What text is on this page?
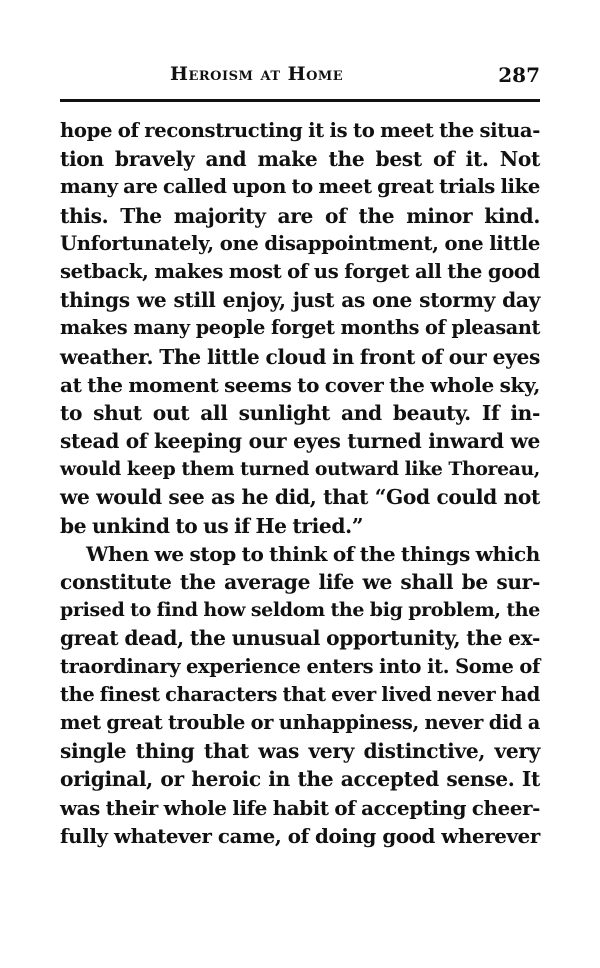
Heroism at Home	287
hope of reconstructing it is to meet the situa-
tion bravely and make the best of it. Not
many are called upon to meet great trials like
this. The majority are of the minor kind.
Unfortunately, one disappointment, one little
setback, makes most of us forget all the good
things we still enjoy, just as one stormy day
makes many people forget months of pleasant
weather. The little cloud in front of our eyes
at the moment seems to cover the whole sky,
to shut out all sunlight and beauty. If in-
stead of keeping our eyes turned inward we
would keep them turned outward like Thoreau,
we would see as he did, that “God could not
be unkind to us if He tried.”
When we stop to think of the things which
constitute the average life we shall be sur-
prised to find how seldom the big problem, the
great dead, the unusual opportunity, the ex-
traordinary experience enters into it. Some of
the finest characters that ever lived never had
met great trouble or unhappiness, never did a
single thing that was very distinctive, very
original, or heroic in the accepted sense. It
was their whole life habit of accepting cheer-
fully whatever came, of doing good wherever
